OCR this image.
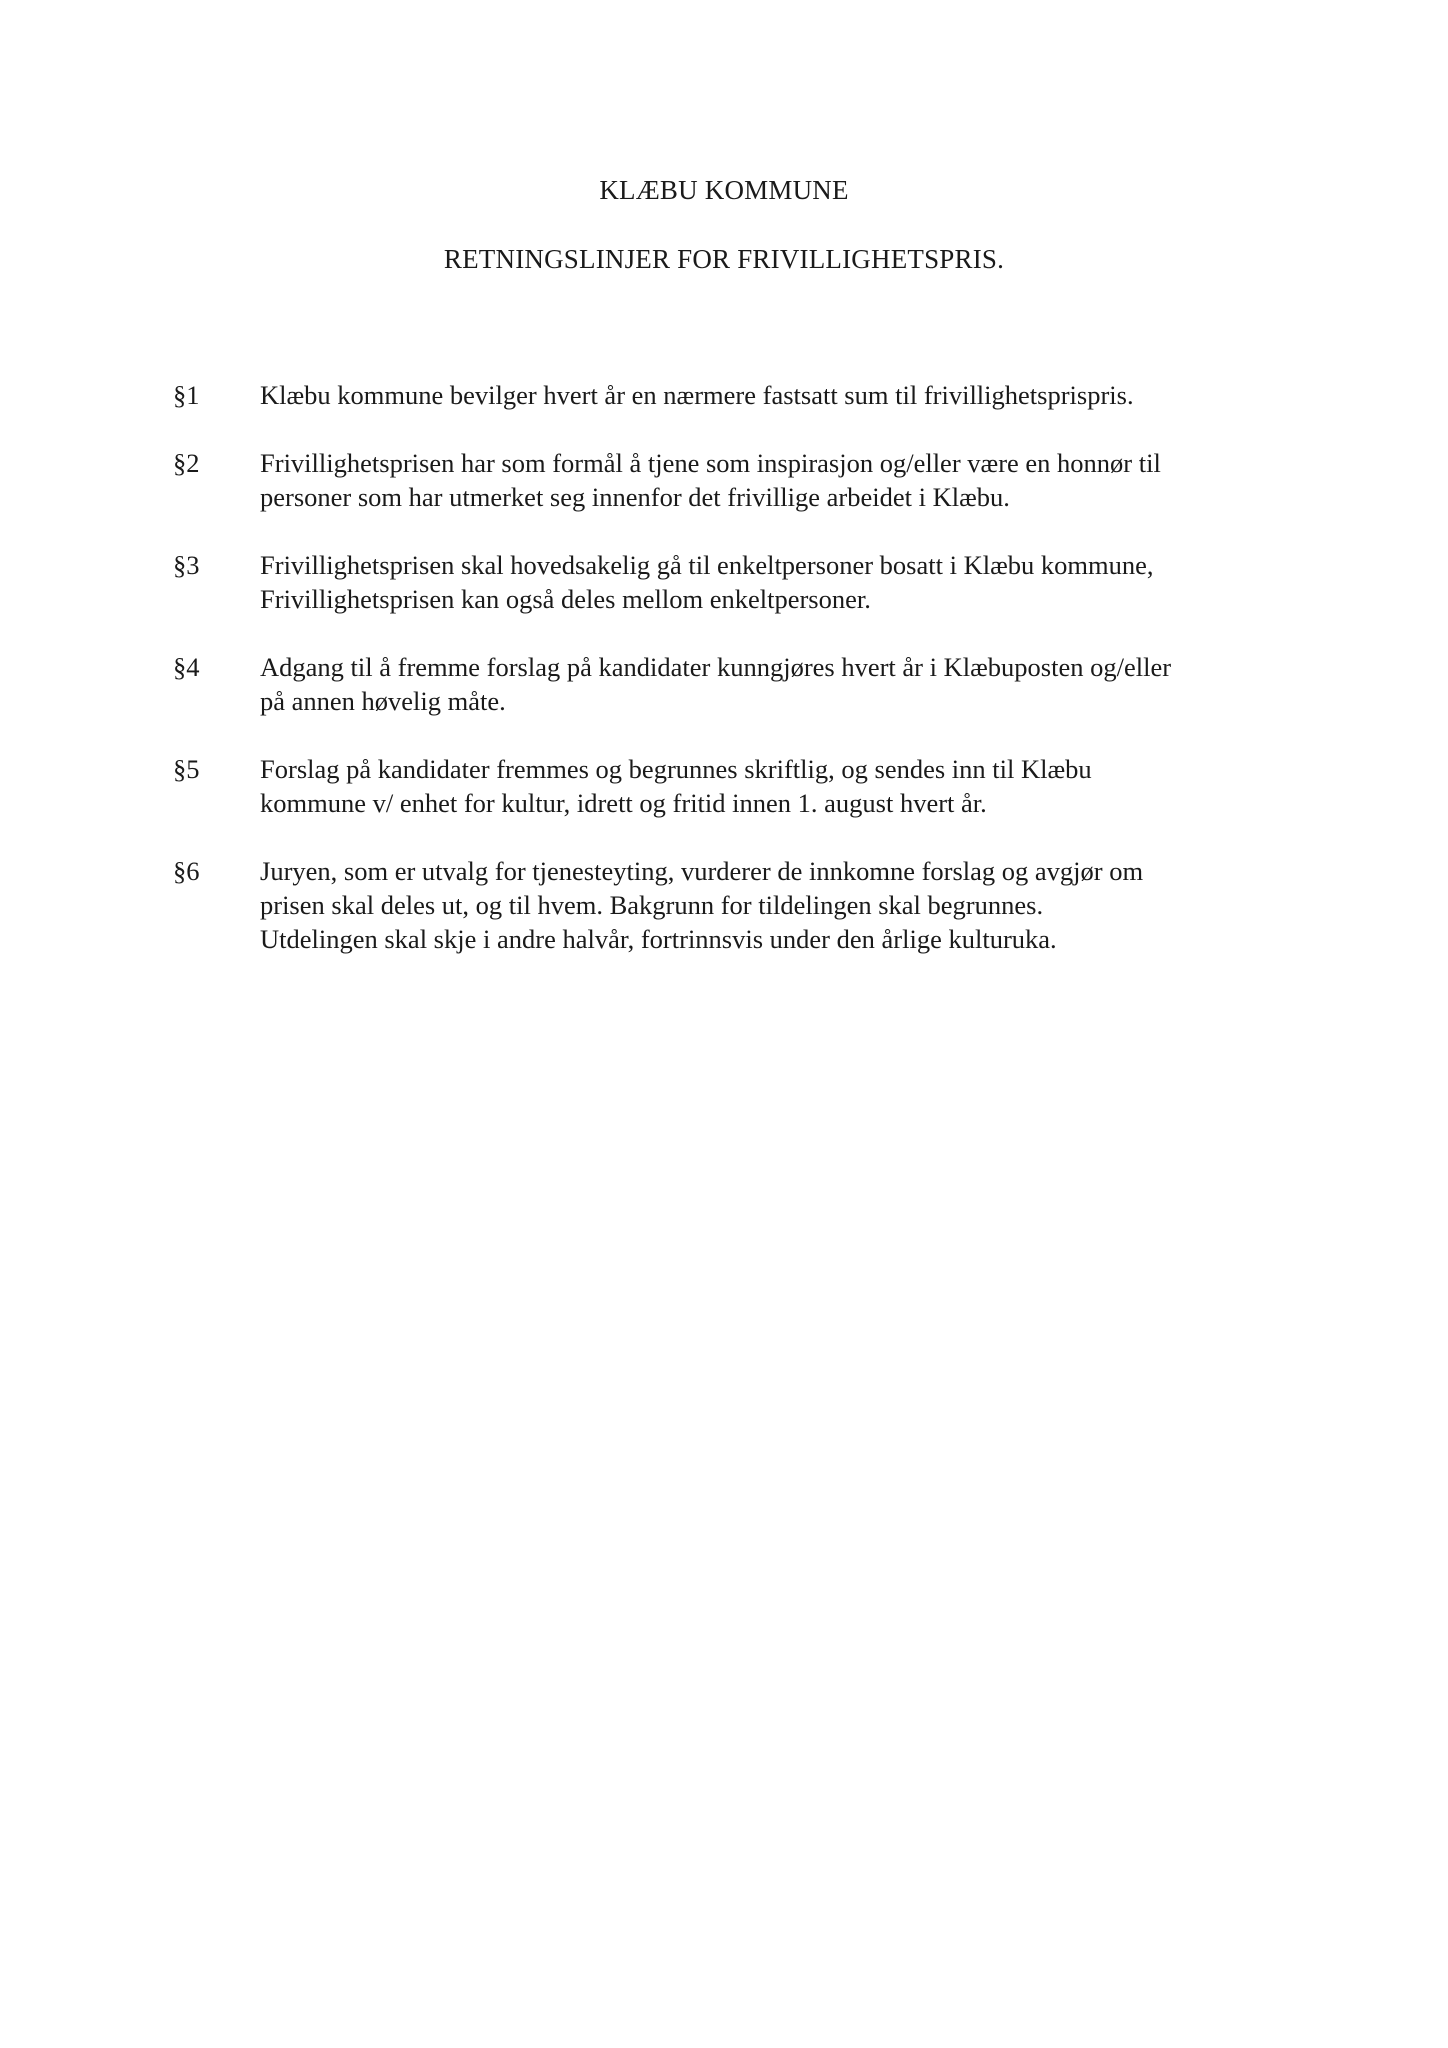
KLÆBU KOMMUNE
RETNINGSLINJER FOR FRIVILLIGHETSPRIS.
§1	Klæbu kommune bevilger hvert år en nærmere fastsatt sum til frivillighetsprispris.
§2	Frivillighetsprisen har som formål å tjene som inspirasjon og/eller være en honnør til
personer som har utmerket seg innenfor det frivillige arbeidet i Klæbu.
§3	Frivillighetsprisen skal hovedsakelig gå til enkeltpersoner bosatt i Klæbu kommune,
Frivillighetsprisen kan også deles mellom enkeltpersoner.
§4	Adgang til å fremme forslag på kandidater kunngjøres hvert år i Klæbuposten og/eller
på annen høvelig måte.
§5	Forslag på kandidater fremmes og begrunnes skriftlig, og sendes inn til Klæbu
kommune v/ enhet for kultur, idrett og fritid innen 1. august hvert år.
§6	Juryen, som er utvalg for tjenesteyting, vurderer de innkomne forslag og avgjør om
prisen skal deles ut, og til hvem. Bakgrunn for tildelingen skal begrunnes.
Utdelingen skal skje i andre halvår, fortrinnsvis under den årlige kulturuka.
